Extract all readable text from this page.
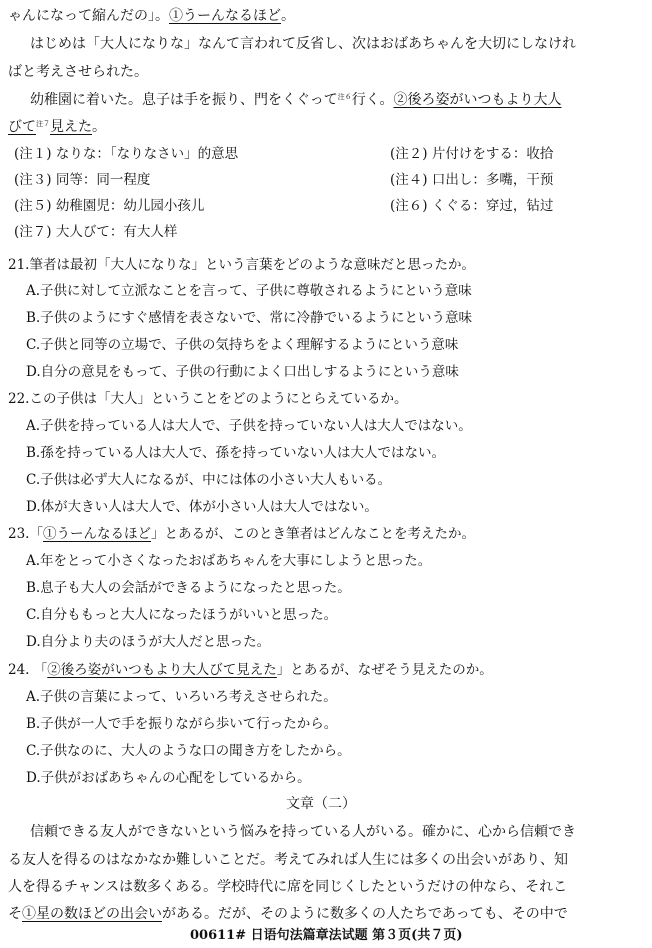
ゃんになって縮んだの」。①うーんなるほど。
はじめは「大人になりな」なんて言われて反省し、次はおばあちゃんを大切にしなけれ
ばと考えさせられた。
幼稚園に着いた。息子は手を振り、門をくぐって$^{注6}$行く。②後ろ姿がいつもより大人
びて$^{注7}$見えた。
(注１) なりな：「なりなさい」的意思	(注２) 片付けをする：收拾
(注３) 同等：同一程度	(注４) 口出し：多嘴，干预
(注５) 幼稚園児：幼儿园小孩儿	(注６) くぐる：穿过，钻过
(注７) 大人びて：有大人样
21.筆者は最初「大人になりな」という言葉をどのような意味だと思ったか。
A.子供に対して立派なことを言って、子供に尊敬されるようにという意味
B.子供のようにすぐ感情を表さないで、常に冷静でいるようにという意味
C.子供と同等の立場で、子供の気持ちをよく理解するようにという意味
D.自分の意見をもって、子供の行動によく口出しするようにという意味
22.この子供は「大人」ということをどのようにとらえているか。
A.子供を持っている人は大人で、子供を持っていない人は大人ではない。
B.孫を持っている人は大人で、孫を持っていない人は大人ではない。
C.子供は必ず大人になるが、中には体の小さい大人もいる。
D.体が大きい人は大人で、体が小さい人は大人ではない。
23.「①うーんなるほど」とあるが、このとき筆者はどんなことを考えたか。
A.年をとって小さくなったおばあちゃんを大事にしようと思った。
B.息子も大人の会話ができるようになったと思った。
C.自分ももっと大人になったほうがいいと思った。
D.自分より夫のほうが大人だと思った。
24. 「②後ろ姿がいつもより大人びて見えた」とあるが、なぜそう見えたのか。
A.子供の言葉によって、いろいろ考えさせられた。
B.子供が一人で手を振りながら歩いて行ったから。
C.子供なのに、大人のような口の聞き方をしたから。
D.子供がおばあちゃんの心配をしているから。
文章（二）
信頼できる友人ができないという悩みを持っている人がいる。確かに、心から信頼でき
る友人を得るのはなかなか難しいことだ。考えてみれば人生には多くの出会いがあり、知
人を得るチャンスは数多くある。学校時代に席を同じくしたというだけの仲なら、それこ
そ①星の数ほどの出会いがある。だが、そのように数多くの人たちであっても、その中で
00611# 日语句法篇章法试题 第３页(共７页)
